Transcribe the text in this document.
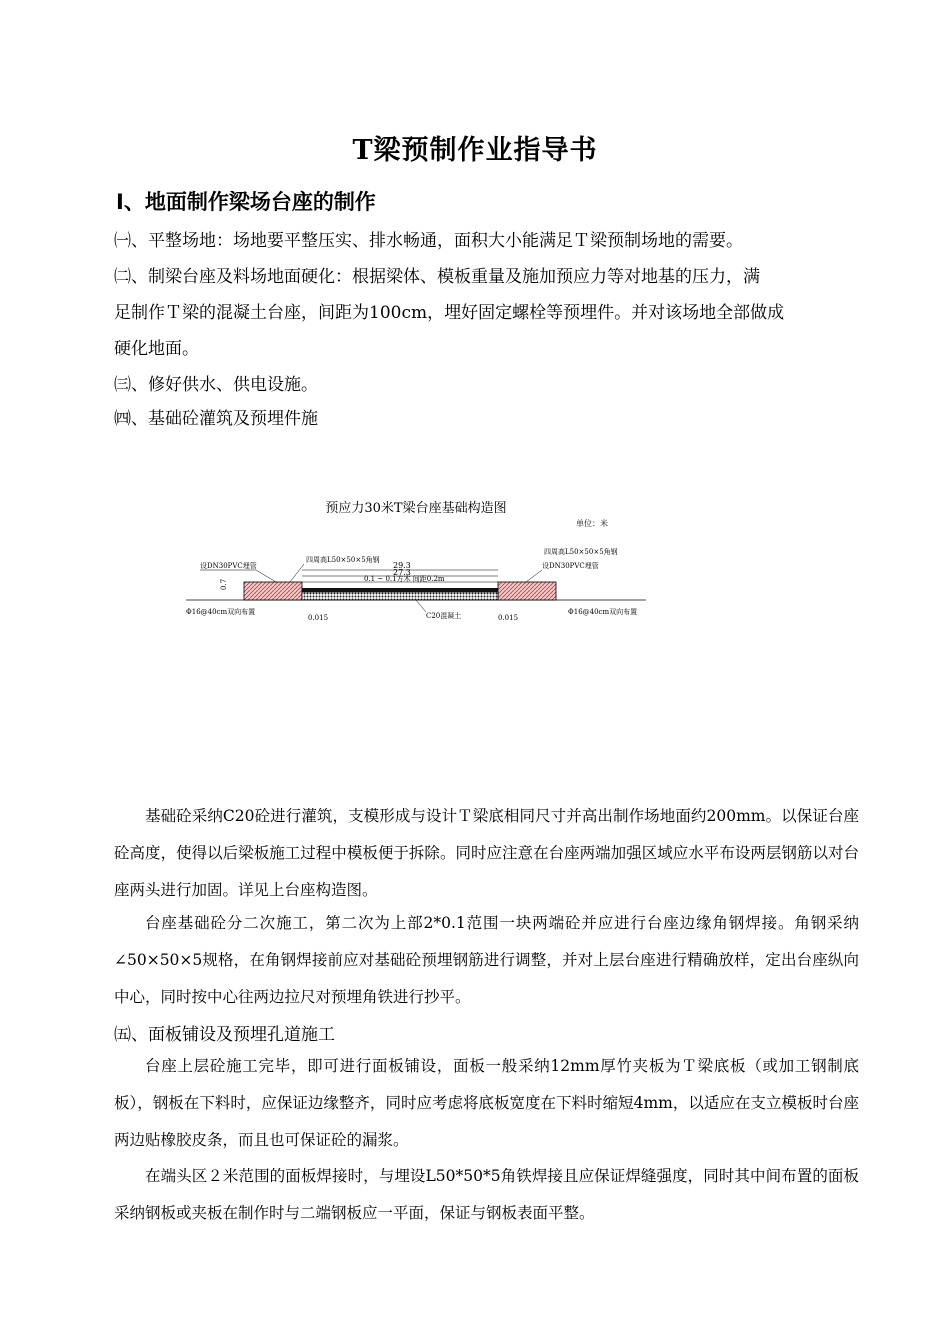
T梁预制作业指导书
Ⅰ、地面制作梁场台座的制作
㈠、平整场地：场地要平整压实、排水畅通，面积大小能满足Ｔ梁预制场地的需要。
㈡、制梁台座及料场地面硬化：根据梁体、模板重量及施加预应力等对地基的压力，满
足制作Ｔ梁的混凝土台座，间距为100cm，埋好固定螺栓等预埋件。并对该场地全部做成
硬化地面。
㈢、修好供水、供电设施。
㈣、基础砼灌筑及预埋件施
预应力30米T梁台座基础构造图
单位：米
29.3
27.3
0.1 ~ 0.1方木 间距0.2m
四周高L50×50×5角钢
四周高L50×50×5角钢
设DN30PVC埋管	设DN30PVC埋管
Φ16@40cm双向布置	Φ16@40cm双向布置
0.015	0.015
C20混凝土
0.7
基础砼采纳C20砼进行灌筑，支模形成与设计Ｔ梁底相同尺寸并高出制作场地面约200mm。以保证台座砼高度，使得以后梁板施工过程中模板便于拆除。同时应注意在台座两端加强区域应水平布设两层钢筋以对台座两头进行加固。详见上台座构造图。
台座基础砼分二次施工，第二次为上部2*0.1范围一块两端砼并应进行台座边缘角钢焊接。角钢采纳∠50×50×5规格，在角钢焊接前应对基础砼预埋钢筋进行调整，并对上层台座进行精确放样，定出台座纵向中心，同时按中心往两边拉尺对预埋角铁进行抄平。
㈤、面板铺设及预埋孔道施工
台座上层砼施工完毕，即可进行面板铺设，面板一般采纳12mm厚竹夹板为Ｔ梁底板（或加工钢制底板），钢板在下料时，应保证边缘整齐，同时应考虑将底板宽度在下料时缩短4mm，以适应在支立模板时台座两边贴橡胶皮条，而且也可保证砼的漏浆。
在端头区２米范围的面板焊接时，与埋设L50*50*5角铁焊接且应保证焊缝强度，同时其中间布置的面板采纳钢板或夹板在制作时与二端钢板应一平面，保证与钢板表面平整。
